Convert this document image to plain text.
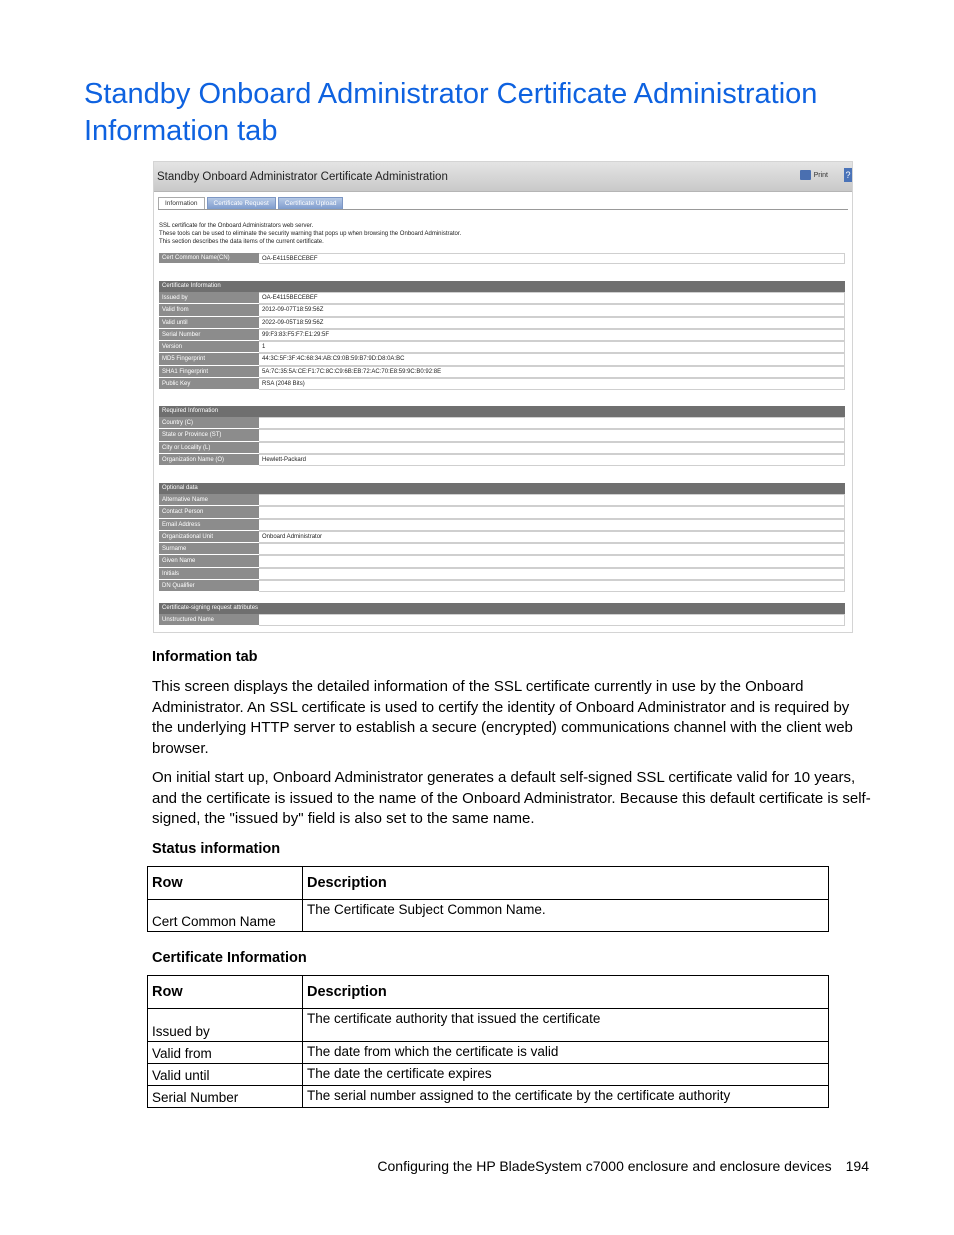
Standby Onboard Administrator Certificate Administration Information tab
Standby Onboard Administrator Certificate Administration	Print ?
Information	Certificate Request	Certificate Upload
SSL certificate for the Onboard Administrators web server.
These tools can be used to eliminate the security warning that pops up when browsing the Onboard Administrator.
This section describes the data items of the current certificate.
Cert Common Name(CN)	OA-E4115BECEBEF
Certificate Information
Issued by	OA-E4115BECEBEF
Valid from	2012-09-07T18:59:56Z
Valid until	2022-09-05T18:59:56Z
Serial Number	99:F3:83:F5:F7:E1:29:5F
Version	1
MD5 Fingerprint	44:3C:5F:3F:4C:68:34:AB:C9:0B:59:B7:9D:D8:0A:BC
SHA1 Fingerprint	5A:7C:35:5A:CE:F1:7C:8C:C9:6B:EB:72:AC:70:E8:59:9C:B0:92:8E
Public Key	RSA (2048 Bits)
Required Information
Country (C)
State or Province (ST)
City or Locality (L)
Organization Name (O)	Hewlett-Packard
Optional data
Alternative Name
Contact Person
Email Address
Organizational Unit	Onboard Administrator
Surname
Given Name
Initials
DN Qualifier
Certificate-signing request attributes
Unstructured Name
Information tab

This screen displays the detailed information of the SSL certificate currently in use by the Onboard Administrator. An SSL certificate is used to certify the identity of Onboard Administrator and is required by the underlying HTTP server to establish a secure (encrypted) communications channel with the client web browser.

On initial start up, Onboard Administrator generates a default self-signed SSL certificate valid for 10 years, and the certificate is issued to the name of the Onboard Administrator. Because this default certificate is self-signed, the "issued by" field is also set to the same name.

Status information
Row	Description
Cert Common Name	The Certificate Subject Common Name.
Certificate Information
Row	Description
Issued by	The certificate authority that issued the certificate
Valid from	The date from which the certificate is valid
Valid until	The date the certificate expires
Serial Number	The serial number assigned to the certificate by the certificate authority
Configuring the HP BladeSystem c7000 enclosure and enclosure devices 194
